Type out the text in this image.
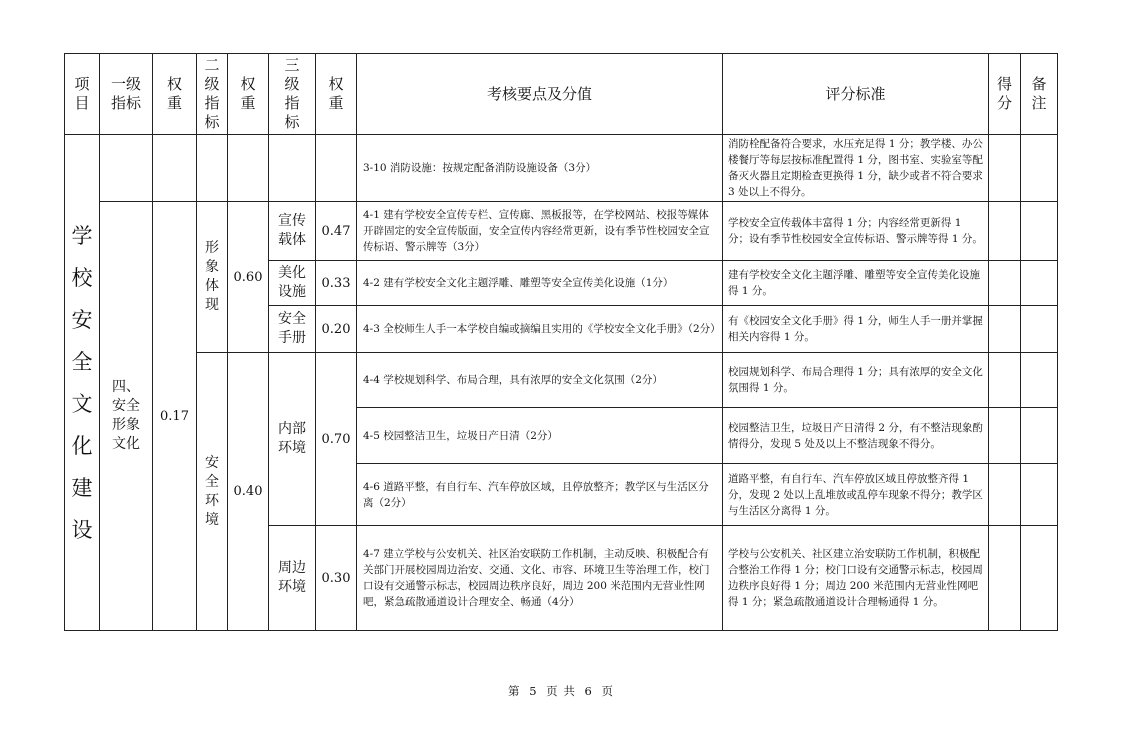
项目	一级指标	权重	二级指标	权重	三级指标	权重	考核要点及分值	评分标准	得分	备注
学校安全文化建设							3-10 消防设施：按规定配备消防设施设备（3分）	消防栓配备符合要求，水压充足得 1 分；教学楼、办公楼餐厅等每层按标准配置得 1 分，图书室、实验室等配备灭火器且定期检查更换得 1 分，缺少或者不符合要求 3 处以上不得分。		
	四、安全形象文化	0.17	形象体现	0.60	宣传载体	0.47	4-1 建有学校安全宣传专栏、宣传廊、黑板报等，在学校网站、校报等媒体开辟固定的安全宣传版面，安全宣传内容经常更新，设有季节性校园安全宣传标语、警示牌等（3分）	学校安全宣传载体丰富得 1 分；内容经常更新得 1 分；设有季节性校园安全宣传标语、警示牌等得 1 分。		
					美化设施	0.33	4-2 建有学校安全文化主题浮雕、雕塑等安全宣传美化设施（1分）	建有学校安全文化主题浮雕、雕塑等安全宣传美化设施得 1 分。		
					安全手册	0.20	4-3 全校师生人手一本学校自编或摘编且实用的《学校安全文化手册》（2分）	有《校园安全文化手册》得 1 分，师生人手一册并掌握相关内容得 1 分。		
			安全环境	0.40	内部环境	0.70	4-4 学校规划科学、布局合理，具有浓厚的安全文化氛围（2分）	校园规划科学、布局合理得 1 分；具有浓厚的安全文化氛围得 1 分。		
							4-5 校园整洁卫生，垃圾日产日清（2分）	校园整洁卫生，垃圾日产日清得 2 分，有不整洁现象酌情得分，发现 5 处及以上不整洁现象不得分。		
							4-6 道路平整，有自行车、汽车停放区域，且停放整齐；教学区与生活区分离（2分）	道路平整，有自行车、汽车停放区域且停放整齐得 1 分，发现 2 处以上乱堆放或乱停车现象不得分；教学区与生活区分离得 1 分。		
					周边环境	0.30	4-7 建立学校与公安机关、社区治安联防工作机制，主动反映、积极配合有关部门开展校园周边治安、交通、文化、市容、环境卫生等治理工作，校门口设有交通警示标志，校园周边秩序良好，周边 200 米范围内无营业性网吧，紧急疏散通道设计合理安全、畅通（4分）	学校与公安机关、社区建立治安联防工作机制，积极配合整治工作得 1 分；校门口设有交通警示标志，校园周边秩序良好得 1 分；周边 200 米范围内无营业性网吧得 1 分；紧急疏散通道设计合理畅通得 1 分。		
第 5 页 共 6 页
